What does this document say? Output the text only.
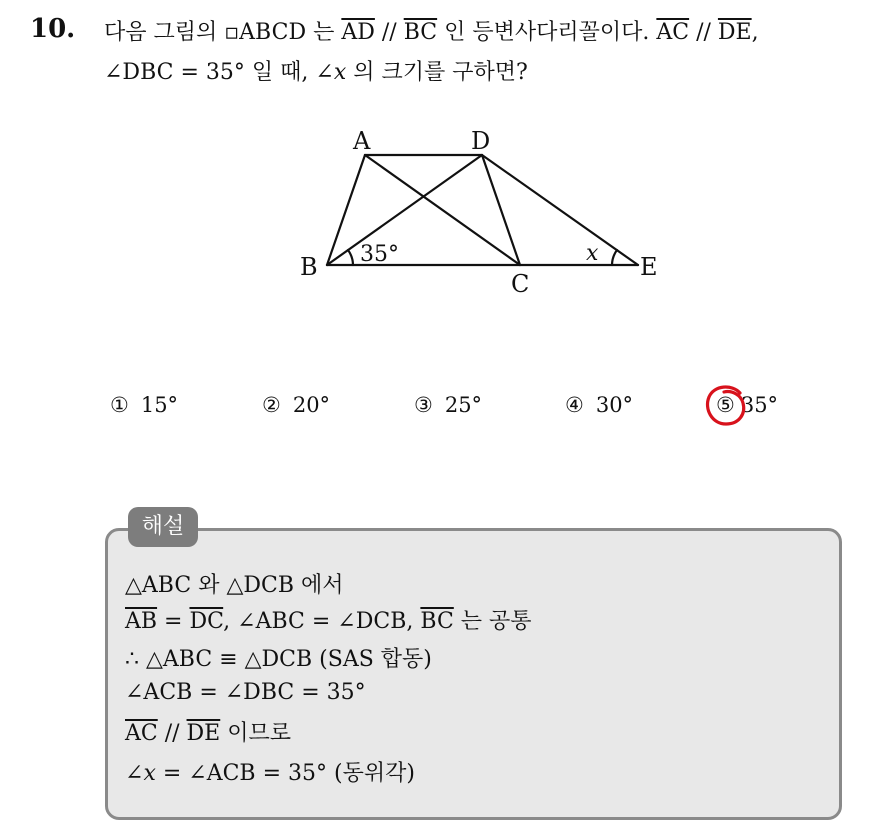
10. 다음 그림의 ▫ABCD 는 $\overline{AD} // \overline{BC}$ 인 등변사다리꼴이다. $\overline{AC} // \overline{DE}$,
∠DBC = 35° 일 때, ∠x 의 크기를 구하면?
A	D
B
C
E
35°	x
① 15°	② 20°	③ 25°	④ 30°	⑤ 35°
해설
△ABC 와 △DCB 에서
$\overline{AB} = \overline{DC}$, ∠ABC = ∠DCB, $\overline{BC}$ 는 공통
∴ △ABC ≡ △DCB (SAS 합동)
∠ACB = ∠DBC = 35°
$\overline{AC} // \overline{DE}$ 이므로
∠x = ∠ACB = 35° (동위각)
